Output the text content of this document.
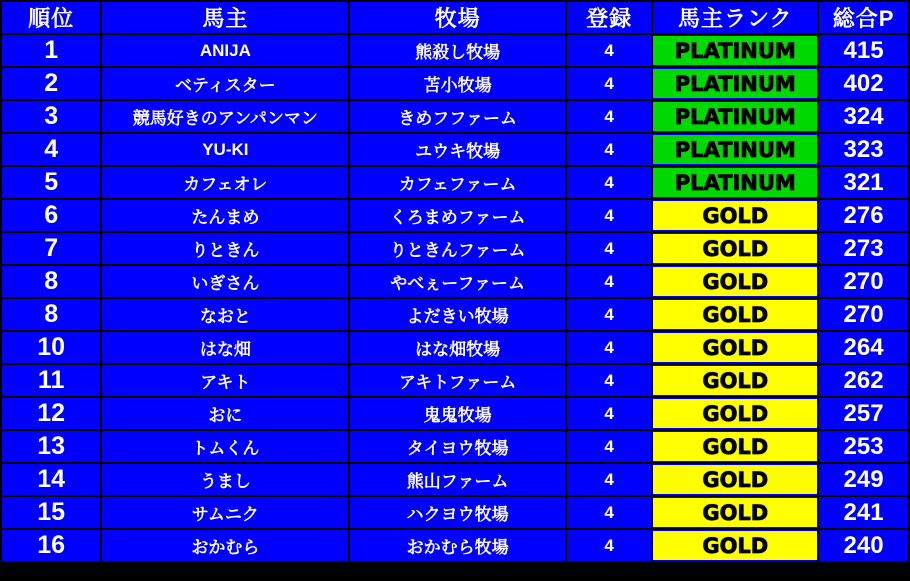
順位	馬主	牧場	登録	馬主ランク	総合P
1	ANIJA	熊殺し牧場	4	PLATINUM	415
2	ベティスター	苫小牧場	4	PLATINUM	402
3	競馬好きのアンパンマン	きめフファーム	4	PLATINUM	324
4	YU-KI	ユウキ牧場	4	PLATINUM	323
5	カフェオレ	カフェファーム	4	PLATINUM	321
6	たんまめ	くろまめファーム	4	GOLD	276
7	りときん	りときんファーム	4	GOLD	273
8	いぎさん	やべぇーファーム	4	GOLD	270
8	なおと	よだきい牧場	4	GOLD	270
10	はな畑	はな畑牧場	4	GOLD	264
11	アキト	アキトファーム	4	GOLD	262
12	おに	鬼鬼牧場	4	GOLD	257
13	トムくん	タイヨウ牧場	4	GOLD	253
14	うまし	熊山ファーム	4	GOLD	249
15	サムニク	ハクヨウ牧場	4	GOLD	241
16	おかむら	おかむら牧場	4	GOLD	240
